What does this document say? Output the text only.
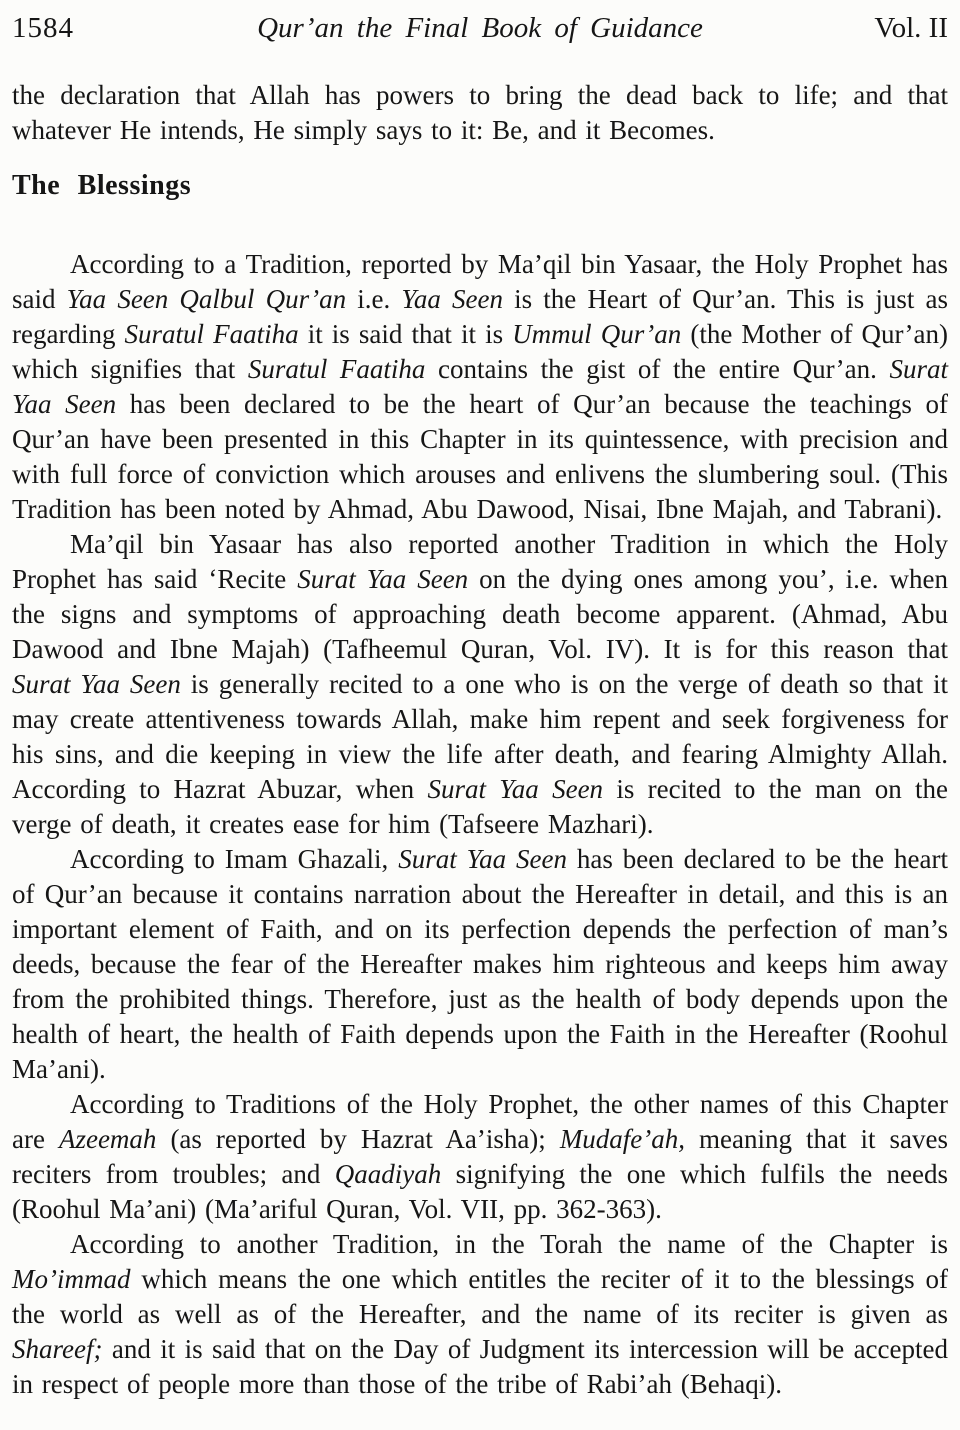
1584	Qur’an the Final Book of Guidance	Vol. II

the declaration that Allah has powers to bring the dead back to life; and that whatever He intends, He simply says to it: Be, and it Becomes.

The Blessings

According to a Tradition, reported by Ma’qil bin Yasaar, the Holy Prophet has said Yaa Seen Qalbul Qur’an i.e. Yaa Seen is the Heart of Qur’an. This is just as regarding Suratul Faatiha it is said that it is Ummul Qur’an (the Mother of Qur’an) which signifies that Suratul Faatiha contains the gist of the entire Qur’an. Surat Yaa Seen has been declared to be the heart of Qur’an because the teachings of Qur’an have been presented in this Chapter in its quintessence, with precision and with full force of conviction which arouses and enlivens the slumbering soul. (This Tradition has been noted by Ahmad, Abu Dawood, Nisai, Ibne Majah, and Tabrani).

Ma’qil bin Yasaar has also reported another Tradition in which the Holy Prophet has said ‘Recite Surat Yaa Seen on the dying ones among you’, i.e. when the signs and symptoms of approaching death become apparent. (Ahmad, Abu Dawood and Ibne Majah) (Tafheemul Quran, Vol. IV). It is for this reason that Surat Yaa Seen is generally recited to a one who is on the verge of death so that it may create attentiveness towards Allah, make him repent and seek forgiveness for his sins, and die keeping in view the life after death, and fearing Almighty Allah. According to Hazrat Abuzar, when Surat Yaa Seen is recited to the man on the verge of death, it creates ease for him (Tafseere Mazhari).

According to Imam Ghazali, Surat Yaa Seen has been declared to be the heart of Qur’an because it contains narration about the Hereafter in detail, and this is an important element of Faith, and on its perfection depends the perfection of man’s deeds, because the fear of the Hereafter makes him righteous and keeps him away from the prohibited things. Therefore, just as the health of body depends upon the health of heart, the health of Faith depends upon the Faith in the Hereafter (Roohul Ma’ani).

According to Traditions of the Holy Prophet, the other names of this Chapter are Azeemah (as reported by Hazrat Aa’isha); Mudafe’ah, meaning that it saves reciters from troubles; and Qaadiyah signifying the one which fulfils the needs (Roohul Ma’ani) (Ma’ariful Quran, Vol. VII, pp. 362-363).

According to another Tradition, in the Torah the name of the Chapter is Mo’immad which means the one which entitles the reciter of it to the blessings of the world as well as of the Hereafter, and the name of its reciter is given as Shareef; and it is said that on the Day of Judgment its intercession will be accepted in respect of people more than those of the tribe of Rabi’ah (Behaqi).
